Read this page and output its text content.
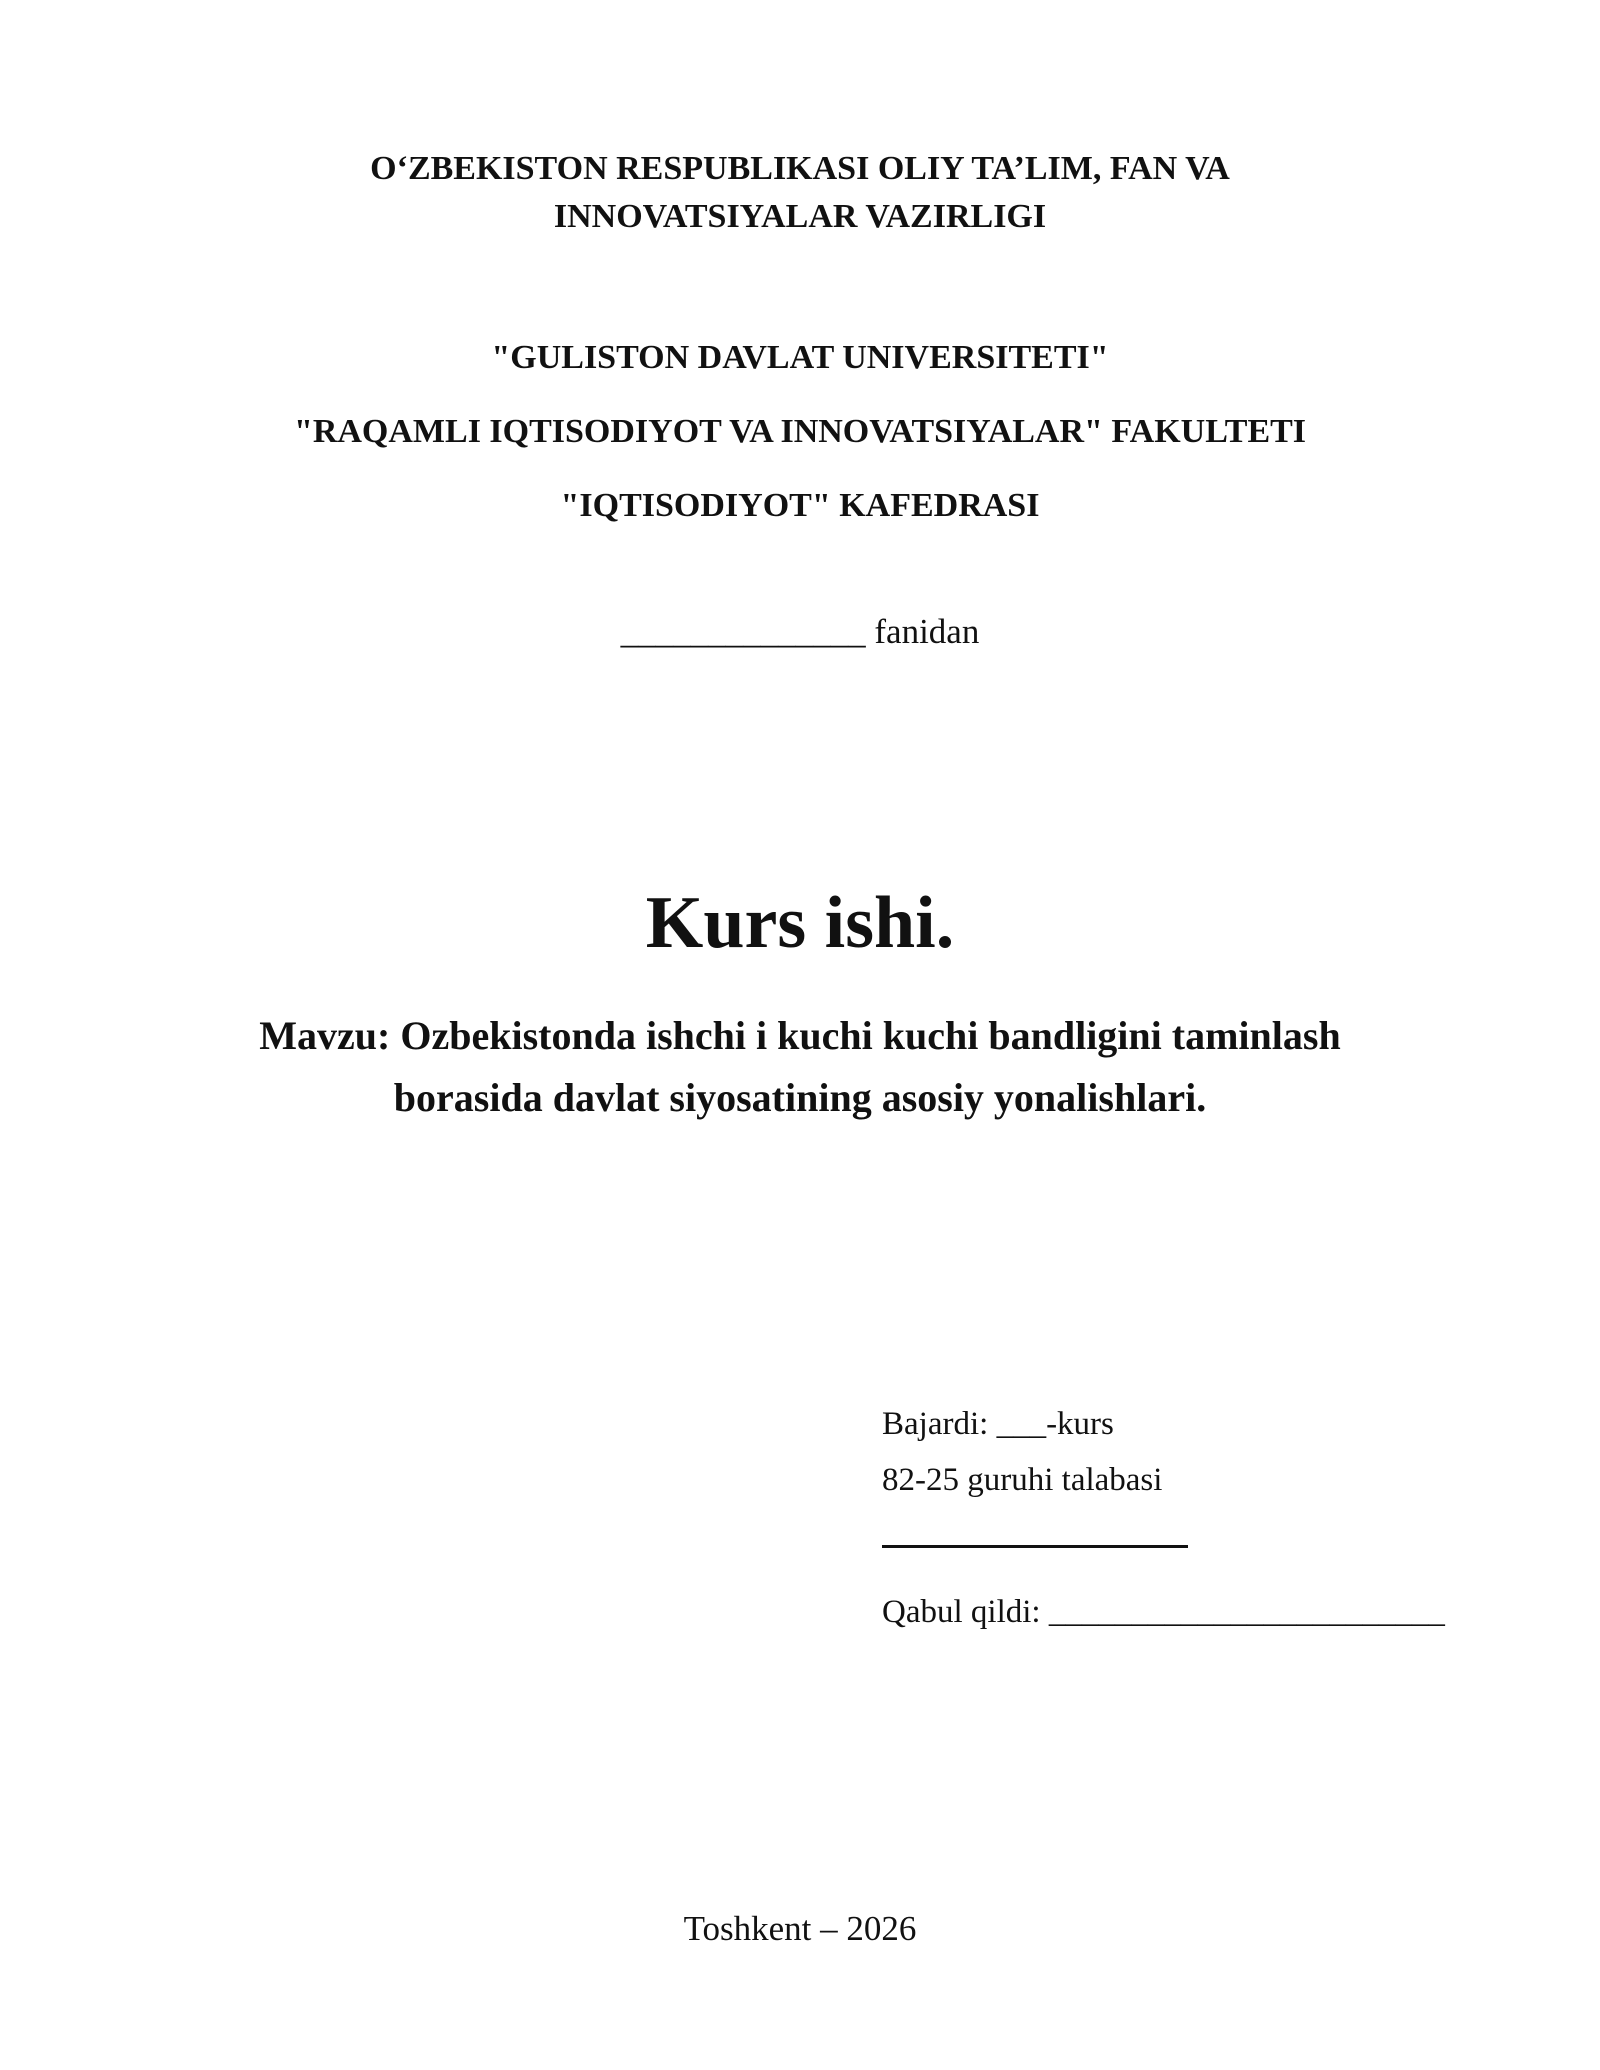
O‘ZBEKISTON RESPUBLIKASI OLIY TA’LIM, FAN VA
INNOVATSIYALAR VAZIRLIGI
"GULISTON DAVLAT UNIVERSITETI"
"RAQAMLI IQTISODIYOT VA INNOVATSIYALAR" FAKULTETI
"IQTISODIYOT" KAFEDRASI
______________ fanidan
Kurs ishi.
Mavzu: Ozbekistonda ishchi i kuchi kuchi bandligini taminlash
borasida davlat siyosatining asosiy yonalishlari.
Bajardi: ___-kurs
82-25 guruhi talabasi
Qabul qildi: ________________________
Toshkent – 2026
